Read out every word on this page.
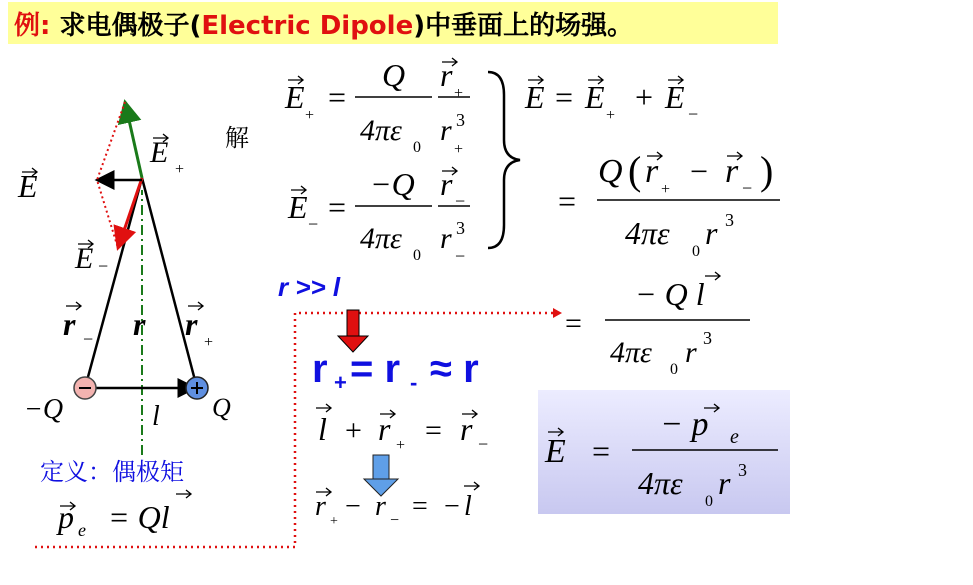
例: 求电偶极子(Electric Dipole)中垂面上的场强。
E
E
+
E −
r − r r
+
−Q	Q
l
定义：偶极矩
p e = Ql
解
E
+
=
Q
4πε
0
r
+
r 3
+
E − =
−Q
4πε
0
r −
r 3
−
E = E
+
+ E −
=
Q ( r +
− r − )
4πε
0
r 3
=
− Q l
4πε
0
r 3
r >> l
r + = r - ≈ r
l + r + = r −
r + − r − = − l
E =
− p e
4πε
0
r 3
